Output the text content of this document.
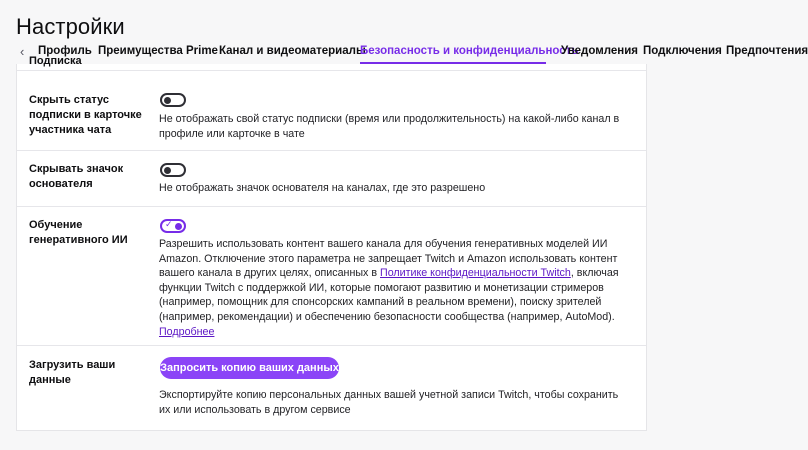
Настройки
‹ Профиль Преимущества Prime Канал и видеоматериалы
Безопасность и конфиденциальность
Уведомления Подключения Предпочтения
Подписка
Скрыть статус подписки в карточке участника чата
Не отображать свой статус подписки (время или продолжительность) на какой-либо канал в профиле или карточке в чате
Скрывать значок основателя	Не отображать значок основателя на каналах, где это разрешено
Обучение генеративного ИИ
✓
Разрешить использовать контент вашего канала для обучения генеративных моделей ИИ Amazon. Отключение этого параметра не запрещает Twitch и Amazon использовать контент вашего канала в других целях, описанных в Политике конфиденциальности Twitch, включая функции Twitch с поддержкой ИИ, которые помогают развитию и монетизации стримеров (например, помощник для спонсорских кампаний в реальном времени), поиску зрителей (например, рекомендации) и обеспечению безопасности сообщества (например, AutoMod). Подробнее
Загрузить ваши данные
Запросить копию ваших данных
Экспортируйте копию персональных данных вашей учетной записи Twitch, чтобы сохранить их или использовать в другом сервисе
